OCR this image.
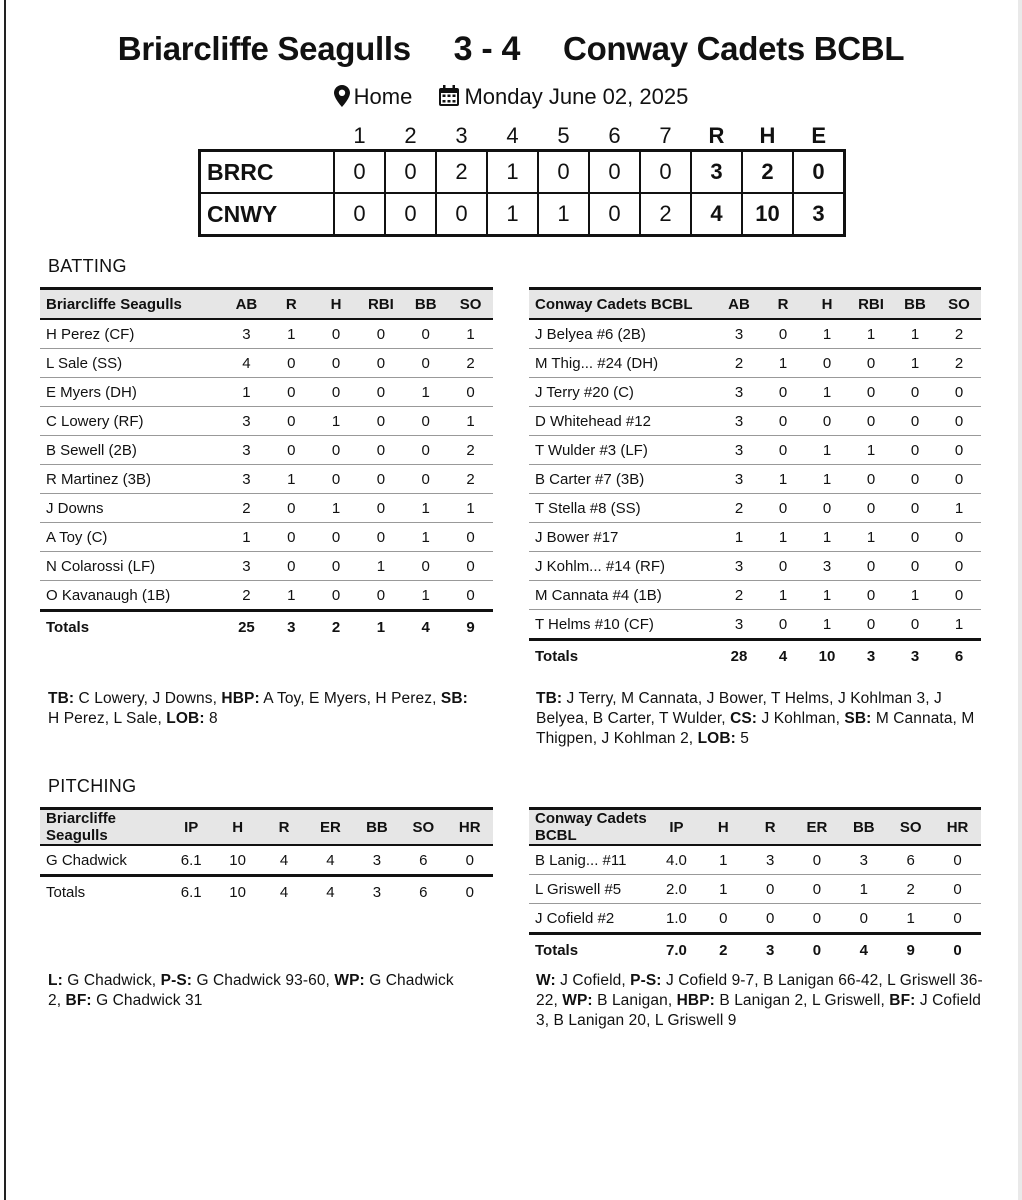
Briarcliffe Seagulls 3 - 4 Conway Cadets BCBL
Home Monday June 02, 2025
	1	2	3	4	5	6	7	R	H	E
BRRC	0	0	2	1	0	0	0	3	2	0
CNWY	0	0	0	1	1	0	2	4	10	3
BATTING
Briarcliffe Seagulls	AB	R	H	RBI	BB	SO
H Perez (CF)	3	1	0	0	0	1
L Sale (SS)	4	0	0	0	0	2
E Myers (DH)	1	0	0	0	1	0
C Lowery (RF)	3	0	1	0	0	1
B Sewell (2B)	3	0	0	0	0	2
R Martinez (3B)	3	1	0	0	0	2
J Downs	2	0	1	0	1	1
A Toy (C)	1	0	0	0	1	0
N Colarossi (LF)	3	0	0	1	0	0
O Kavanaugh (1B)	2	1	0	0	1	0
Totals	25	3	2	1	4	9
Conway Cadets BCBL	AB	R	H	RBI	BB	SO
J Belyea #6 (2B)	3	0	1	1	1	2
M Thig... #24 (DH)	2	1	0	0	1	2
J Terry #20 (C)	3	0	1	0	0	0
D Whitehead #12	3	0	0	0	0	0
T Wulder #3 (LF)	3	0	1	1	0	0
B Carter #7 (3B)	3	1	1	0	0	0
T Stella #8 (SS)	2	0	0	0	0	1
J Bower #17	1	1	1	1	0	0
J Kohlm... #14 (RF)	3	0	3	0	0	0
M Cannata #4 (1B)	2	1	1	0	1	0
T Helms #10 (CF)	3	0	1	0	0	1
Totals	28	4	10	3	3	6
TB: C Lowery, J Downs, HBP: A Toy, E Myers, H Perez, SB: H Perez, L Sale, LOB: 8
TB: J Terry, M Cannata, J Bower, T Helms, J Kohlman 3, J Belyea, B Carter, T Wulder, CS: J Kohlman, SB: M Cannata, M Thigpen, J Kohlman 2, LOB: 5
PITCHING
Briarcliffe Seagulls	IP	H	R	ER	BB	SO	HR
G Chadwick	6.1	10	4	4	3	6	0
Totals	6.1	10	4	4	3	6	0
Conway Cadets BCBL	IP	H	R	ER	BB	SO	HR
B Lanig... #11	4.0	1	3	0	3	6	0
L Griswell #5	2.0	1	0	0	1	2	0
J Cofield #2	1.0	0	0	0	0	1	0
Totals	7.0	2	3	0	4	9	0
L: G Chadwick, P-S: G Chadwick 93-60, WP: G Chadwick 2, BF: G Chadwick 31
W: J Cofield, P-S: J Cofield 9-7, B Lanigan 66-42, L Griswell 36-22, WP: B Lanigan, HBP: B Lanigan 2, L Griswell, BF: J Cofield 3, B Lanigan 20, L Griswell 9
